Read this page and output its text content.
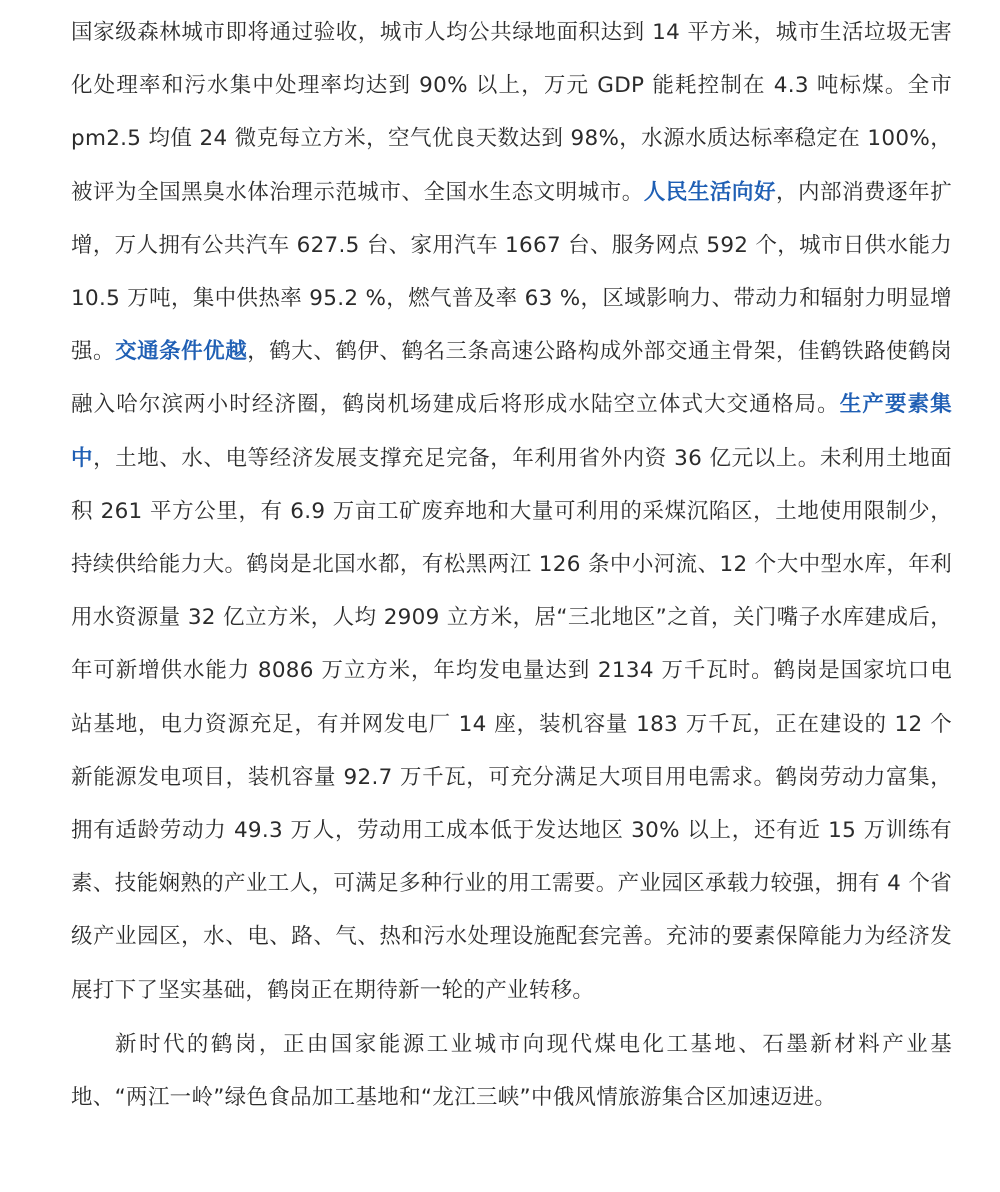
国家级森林城市即将通过验收，城市人均公共绿地面积达到 14 平方米，城市生活垃圾无害化处理率和污水集中处理率均达到 90% 以上，万元 GDP 能耗控制在 4.3 吨标煤。全市 pm2.5 均值 24 微克每立方米，空气优良天数达到 98%，水源水质达标率稳定在 100%，被评为全国黑臭水体治理示范城市、全国水生态文明城市。人民生活向好，内部消费逐年扩增，万人拥有公共汽车 627.5 台、家用汽车 1667 台、服务网点 592 个，城市日供水能力 10.5 万吨，集中供热率 95.2 %，燃气普及率 63 %，区域影响力、带动力和辐射力明显增强。交通条件优越，鹤大、鹤伊、鹤名三条高速公路构成外部交通主骨架，佳鹤铁路使鹤岗融入哈尔滨两小时经济圈，鹤岗机场建成后将形成水陆空立体式大交通格局。生产要素集中，土地、水、电等经济发展支撑充足完备，年利用省外内资 36 亿元以上。未利用土地面积 261 平方公里，有 6.9 万亩工矿废弃地和大量可利用的采煤沉陷区，土地使用限制少，持续供给能力大。鹤岗是北国水都，有松黑两江 126 条中小河流、12 个大中型水库，年利用水资源量 32 亿立方米，人均 2909 立方米，居“三北地区”之首，关门嘴子水库建成后，年可新增供水能力 8086 万立方米，年均发电量达到 2134 万千瓦时。鹤岗是国家坑口电站基地，电力资源充足，有并网发电厂 14 座，装机容量 183 万千瓦，正在建设的 12 个新能源发电项目，装机容量 92.7 万千瓦，可充分满足大项目用电需求。鹤岗劳动力富集，拥有适龄劳动力 49.3 万人，劳动用工成本低于发达地区 30% 以上，还有近 15 万训练有素、技能娴熟的产业工人，可满足多种行业的用工需要。产业园区承载力较强，拥有 4 个省级产业园区，水、电、路、气、热和污水处理设施配套完善。充沛的要素保障能力为经济发展打下了坚实基础，鹤岗正在期待新一轮的产业转移。

新时代的鹤岗，正由国家能源工业城市向现代煤电化工基地、石墨新材料产业基地、“两江一岭”绿色食品加工基地和“龙江三峡”中俄风情旅游集合区加速迈进。
